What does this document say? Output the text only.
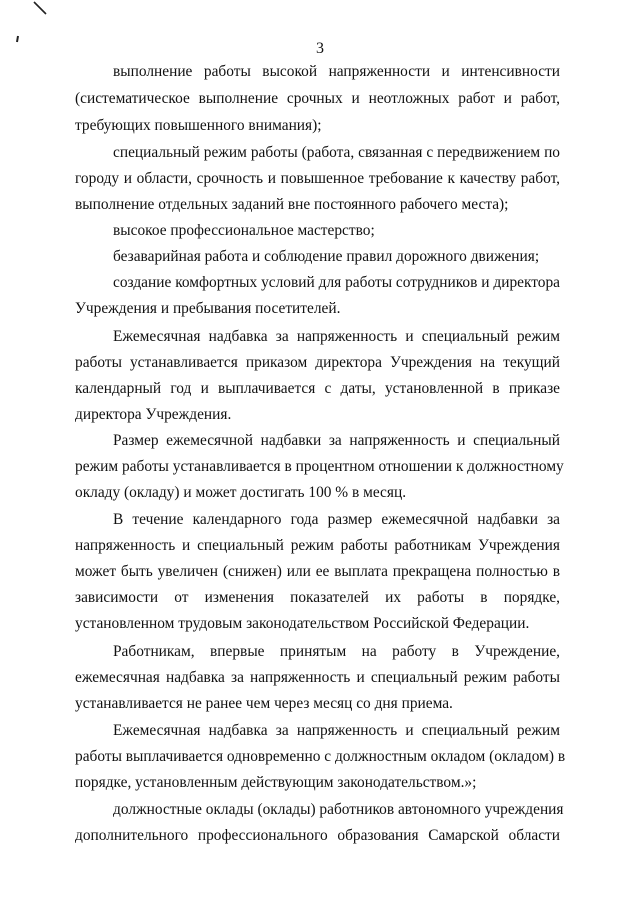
3
выполнение работы высокой напряженности и интенсивности
(систематическое выполнение срочных и неотложных работ и работ,
требующих повышенного внимания);
специальный режим работы (работа, связанная с передвижением по
городу и области, срочность и повышенное требование к качеству работ,
выполнение отдельных заданий вне постоянного рабочего места);
высокое профессиональное мастерство;
безаварийная работа и соблюдение правил дорожного движения;
создание комфортных условий для работы сотрудников и директора
Учреждения и пребывания посетителей.
Ежемесячная надбавка за напряженность и специальный режим
работы устанавливается приказом директора Учреждения на текущий
календарный год и выплачивается с даты, установленной в приказе
директора Учреждения.
Размер ежемесячной надбавки за напряженность и специальный
режим работы устанавливается в процентном отношении к должностному
окладу (окладу) и может достигать 100 % в месяц.
В течение календарного года размер ежемесячной надбавки за
напряженность и специальный режим работы работникам Учреждения
может быть увеличен (снижен) или ее выплата прекращена полностью в
зависимости от изменения показателей их работы в порядке,
установленном трудовым законодательством Российской Федерации.
Работникам, впервые принятым на работу в Учреждение,
ежемесячная надбавка за напряженность и специальный режим работы
устанавливается не ранее чем через месяц со дня приема.
Ежемесячная надбавка за напряженность и специальный режим
работы выплачивается одновременно с должностным окладом (окладом) в
порядке, установленным действующим законодательством.»;
должностные оклады (оклады) работников автономного учреждения
дополнительного профессионального образования Самарской области
